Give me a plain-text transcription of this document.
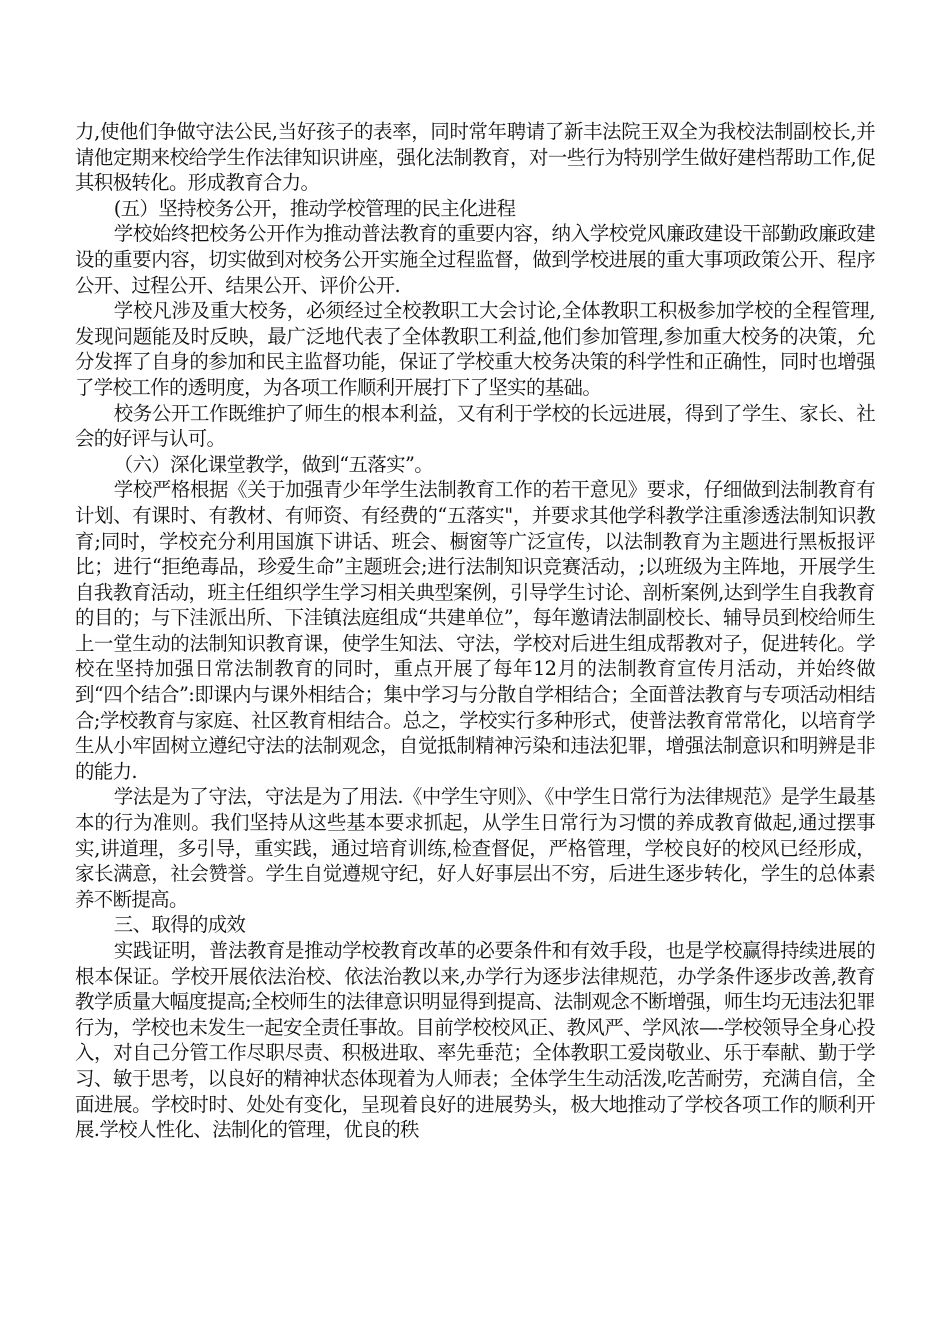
力,使他们争做守法公民,当好孩子的表率，同时常年聘请了新丰法院王双全为我校法制副校长,并请他定期来校给学生作法律知识讲座，强化法制教育，对一些行为特别学生做好建档帮助工作,促其积极转化。形成教育合力。

(五）坚持校务公开，推动学校管理的民主化进程

学校始终把校务公开作为推动普法教育的重要内容，纳入学校党风廉政建设干部勤政廉政建设的重要内容，切实做到对校务公开实施全过程监督，做到学校进展的重大事项政策公开、程序公开、过程公开、结果公开、评价公开.

学校凡涉及重大校务，必须经过全校教职工大会讨论,全体教职工积极参加学校的全程管理,发现问题能及时反映，最广泛地代表了全体教职工利益,他们参加管理,参加重大校务的决策，允分发挥了自身的参加和民主监督功能，保证了学校重大校务决策的科学性和正确性，同时也增强了学校工作的透明度，为各项工作顺利开展打下了坚实的基础。

校务公开工作既维护了师生的根本利益，又有利于学校的长远进展，得到了学生、家长、社会的好评与认可。

（六）深化课堂教学，做到“五落实”。

学校严格根据《关于加强青少年学生法制教育工作的若干意见》要求，仔细做到法制教育有计划、有课时、有教材、有师资、有经费的“五落实"，并要求其他学科教学注重渗透法制知识教育;同时，学校充分利用国旗下讲话、班会、橱窗等广泛宣传，以法制教育为主题进行黑板报评比；进行“拒绝毒品，珍爱生命”主题班会;进行法制知识竞赛活动，;以班级为主阵地，开展学生自我教育活动，班主任组织学生学习相关典型案例，引导学生讨论、剖析案例,达到学生自我教育的目的；与下洼派出所、下洼镇法庭组成“共建单位”，每年邀请法制副校长、辅导员到校给师生上一堂生动的法制知识教育课，使学生知法、守法，学校对后进生组成帮教对子，促进转化。学校在坚持加强日常法制教育的同时，重点开展了每年12月的法制教育宣传月活动，并始终做到“四个结合”:即课内与课外相结合；集中学习与分散自学相结合；全面普法教育与专项活动相结合;学校教育与家庭、社区教育相结合。总之，学校实行多种形式，使普法教育常常化，以培育学生从小牢固树立遵纪守法的法制观念，自觉抵制精神污染和违法犯罪，增强法制意识和明辨是非的能力.

学法是为了守法，守法是为了用法.《中学生守则》、《中学生日常行为法律规范》是学生最基本的行为准则。我们坚持从这些基本要求抓起，从学生日常行为习惯的养成教育做起,通过摆事实,讲道理，多引导，重实践，通过培育训练,检查督促，严格管理，学校良好的校风已经形成，家长满意，社会赞誉。学生自觉遵规守纪，好人好事层出不穷，后进生逐步转化，学生的总体素养不断提高。

三、取得的成效

实践证明，普法教育是推动学校教育改革的必要条件和有效手段，也是学校赢得持续进展的根本保证。学校开展依法治校、依法治教以来,办学行为逐步法律规范，办学条件逐步改善,教育教学质量大幅度提高;全校师生的法律意识明显得到提高、法制观念不断增强，师生均无违法犯罪行为，学校也未发生一起安全责任事故。目前学校校风正、教风严、学风浓—-学校领导全身心投入，对自己分管工作尽职尽责、积极进取、率先垂范；全体教职工爱岗敬业、乐于奉献、勤于学习、敏于思考，以良好的精神状态体现着为人师表；全体学生生动活泼,吃苦耐劳，充满自信，全面进展。学校时时、处处有变化，呈现着良好的进展势头，极大地推动了学校各项工作的顺利开展.学校人性化、法制化的管理，优良的秩
